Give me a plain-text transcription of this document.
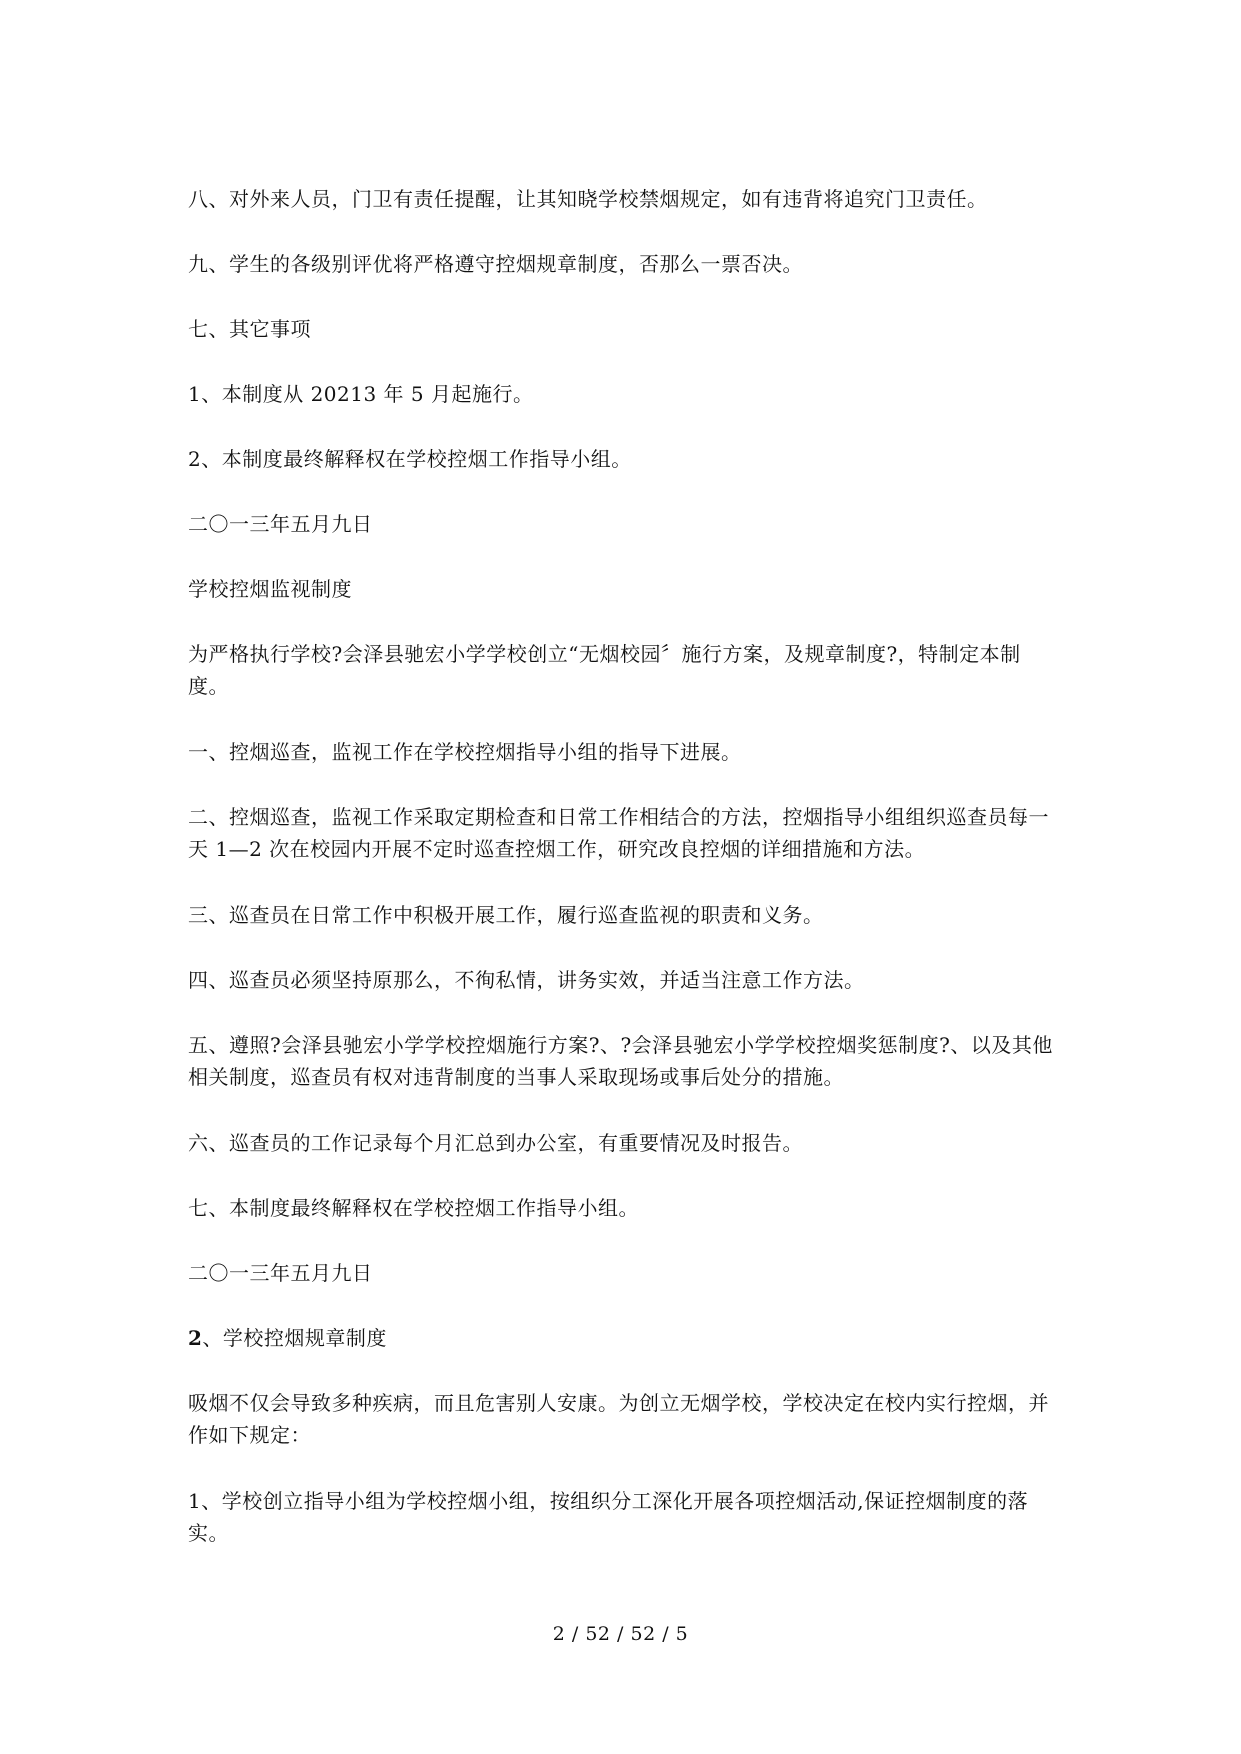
八、对外来人员，门卫有责任提醒，让其知晓学校禁烟规定，如有违背将追究门卫责任。

九、学生的各级别评优将严格遵守控烟规章制度，否那么一票否决。

七、其它事项

1、本制度从 20213 年 5 月起施行。

2、本制度最终解释权在学校控烟工作指导小组。

二〇一三年五月九日

学校控烟监视制度

为严格执行学校?会泽县驰宏小学学校创立“无烟校园〞施行方案，及规章制度?，特制定本制度。

一、控烟巡查，监视工作在学校控烟指导小组的指导下进展。

二、控烟巡查，监视工作采取定期检查和日常工作相结合的方法，控烟指导小组组织巡查员每一天 1—2 次在校园内开展不定时巡查控烟工作，研究改良控烟的详细措施和方法。

三、巡查员在日常工作中积极开展工作，履行巡查监视的职责和义务。

四、巡查员必须坚持原那么，不徇私情，讲务实效，并适当注意工作方法。

五、遵照?会泽县驰宏小学学校控烟施行方案?、?会泽县驰宏小学学校控烟奖惩制度?、以及其他相关制度，巡查员有权对违背制度的当事人采取现场或事后处分的措施。

六、巡查员的工作记录每个月汇总到办公室，有重要情况及时报告。

七、本制度最终解释权在学校控烟工作指导小组。

二〇一三年五月九日

2、学校控烟规章制度

吸烟不仅会导致多种疾病，而且危害别人安康。为创立无烟学校，学校决定在校内实行控烟，并作如下规定：

1、学校创立指导小组为学校控烟小组，按组织分工深化开展各项控烟活动,保证控烟制度的落实。

2 / 52 / 52 / 5
